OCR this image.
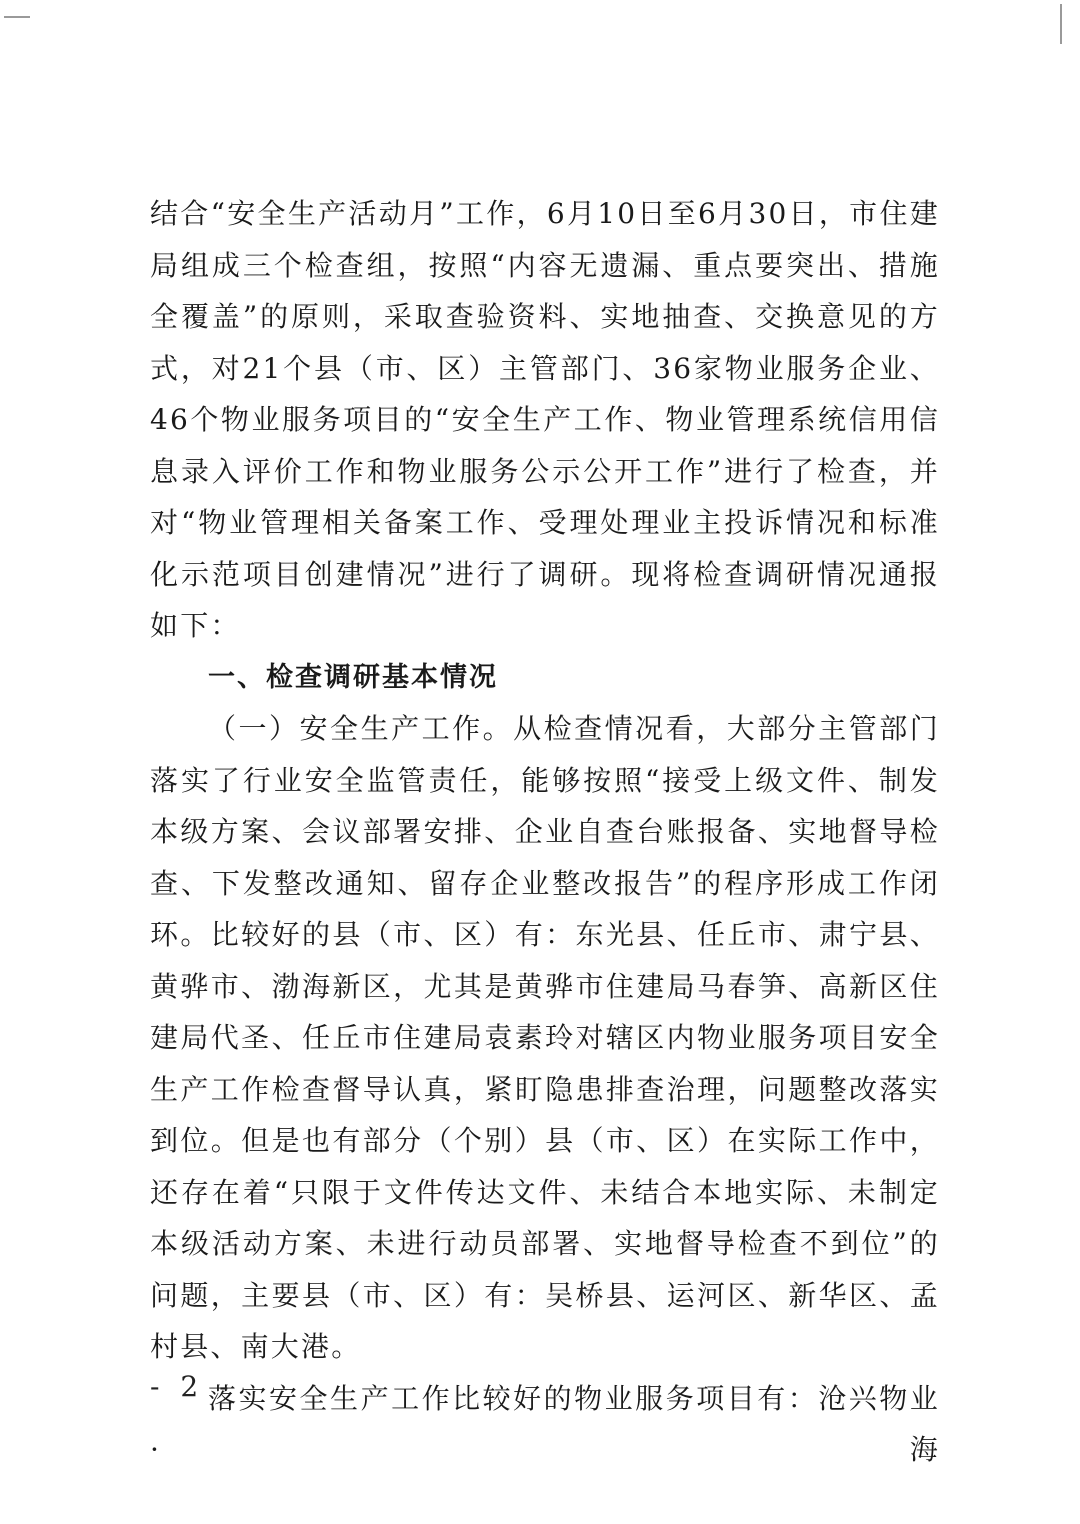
结合“安全生产活动月”工作，6月10日至6月30日，市住建局组成三个检查组，按照“内容无遗漏、重点要突出、措施全覆盖”的原则，采取查验资料、实地抽查、交换意见的方式，对21个县（市、区）主管部门、36家物业服务企业、46个物业服务项目的“安全生产工作、物业管理系统信用信息录入评价工作和物业服务公示公开工作”进行了检查，并对“物业管理相关备案工作、受理处理业主投诉情况和标准化示范项目创建情况”进行了调研。现将检查调研情况通报如下：

一、检查调研基本情况

（一）安全生产工作。从检查情况看，大部分主管部门落实了行业安全监管责任，能够按照“接受上级文件、制发本级方案、会议部署安排、企业自查台账报备、实地督导检查、下发整改通知、留存企业整改报告”的程序形成工作闭环。比较好的县（市、区）有：东光县、任丘市、肃宁县、黄骅市、渤海新区，尤其是黄骅市住建局马春笋、高新区住建局代圣、任丘市住建局袁素玲对辖区内物业服务项目安全生产工作检查督导认真，紧盯隐患排查治理，问题整改落实到位。但是也有部分（个别）县（市、区）在实际工作中，还存在着“只限于文件传达文件、未结合本地实际、未制定本级活动方案、未进行动员部署、实地督导检查不到位”的问题，主要县（市、区）有：吴桥县、运河区、新华区、孟村县、南大港。

落实安全生产工作比较好的物业服务项目有：沧兴物业·海

- 2 -
